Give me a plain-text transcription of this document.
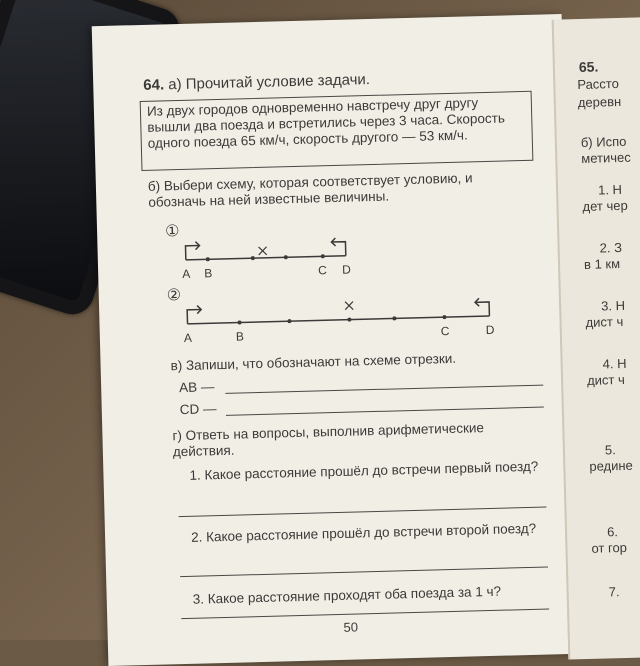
64. а) Прочитай условие задачи.
Из двух городов одновременно навстречу друг другу вышли два поезда и встретились через 3 часа. Скорость одного поезда 65 км/ч, скорость другого — 53 км/ч.
б) Выбери схему, которая соответствует условию, и обозначь на ней известные величины.
①
A B	C D
②
A	B	C	D
в) Запиши, что обозначают на схеме отрезки.
AB —
CD —
г) Ответь на вопросы, выполнив арифметические действия.
1. Какое расстояние прошёл до встречи первый поезд?
2. Какое расстояние прошёл до встречи второй поезд?
3. Какое расстояние проходят оба поезда за 1 ч?
50
65.
Рассто
деревн
б) Испо
метичес
1. Н
дет чер
2. З
в 1 км
3. Н
дист ч
4. Н
дист ч
5.
редине
6.
от гор
7.
